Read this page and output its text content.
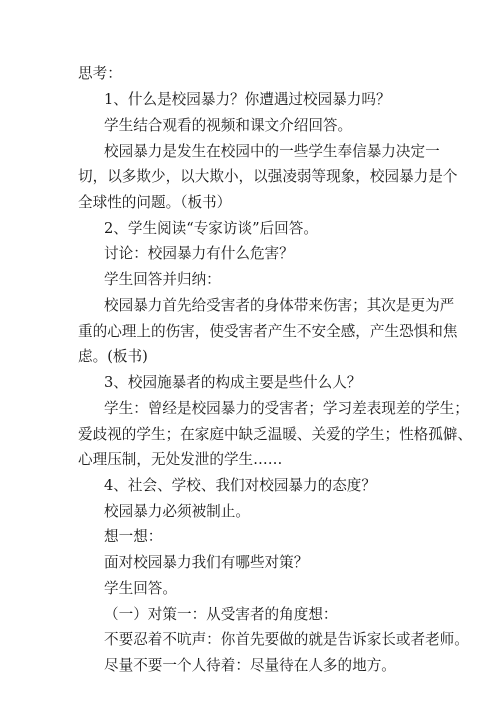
思考：
1、什么是校园暴力？你遭遇过校园暴力吗？
学生结合观看的视频和课文介绍回答。
校园暴力是发生在校园中的一些学生奉信暴力决定一
切，以多欺少，以大欺小，以强凌弱等现象，校园暴力是个
全球性的问题。（板书）
2、学生阅读“专家访谈”后回答。
讨论：校园暴力有什么危害？
学生回答并归纳：
校园暴力首先给受害者的身体带来伤害；其次是更为严
重的心理上的伤害，使受害者产生不安全感，产生恐惧和焦
虑。(板书)
3、校园施暴者的构成主要是些什么人？
学生：曾经是校园暴力的受害者；学习差表现差的学生；
爱歧视的学生；在家庭中缺乏温暖、关爱的学生；性格孤僻、
心理压制，无处发泄的学生……
4、社会、学校、我们对校园暴力的态度？
校园暴力必须被制止。
想一想：
面对校园暴力我们有哪些对策？
学生回答。
（一）对策一：从受害者的角度想：
不要忍着不吭声：你首先要做的就是告诉家长或者老师。
尽量不要一个人待着：尽量待在人多的地方。
